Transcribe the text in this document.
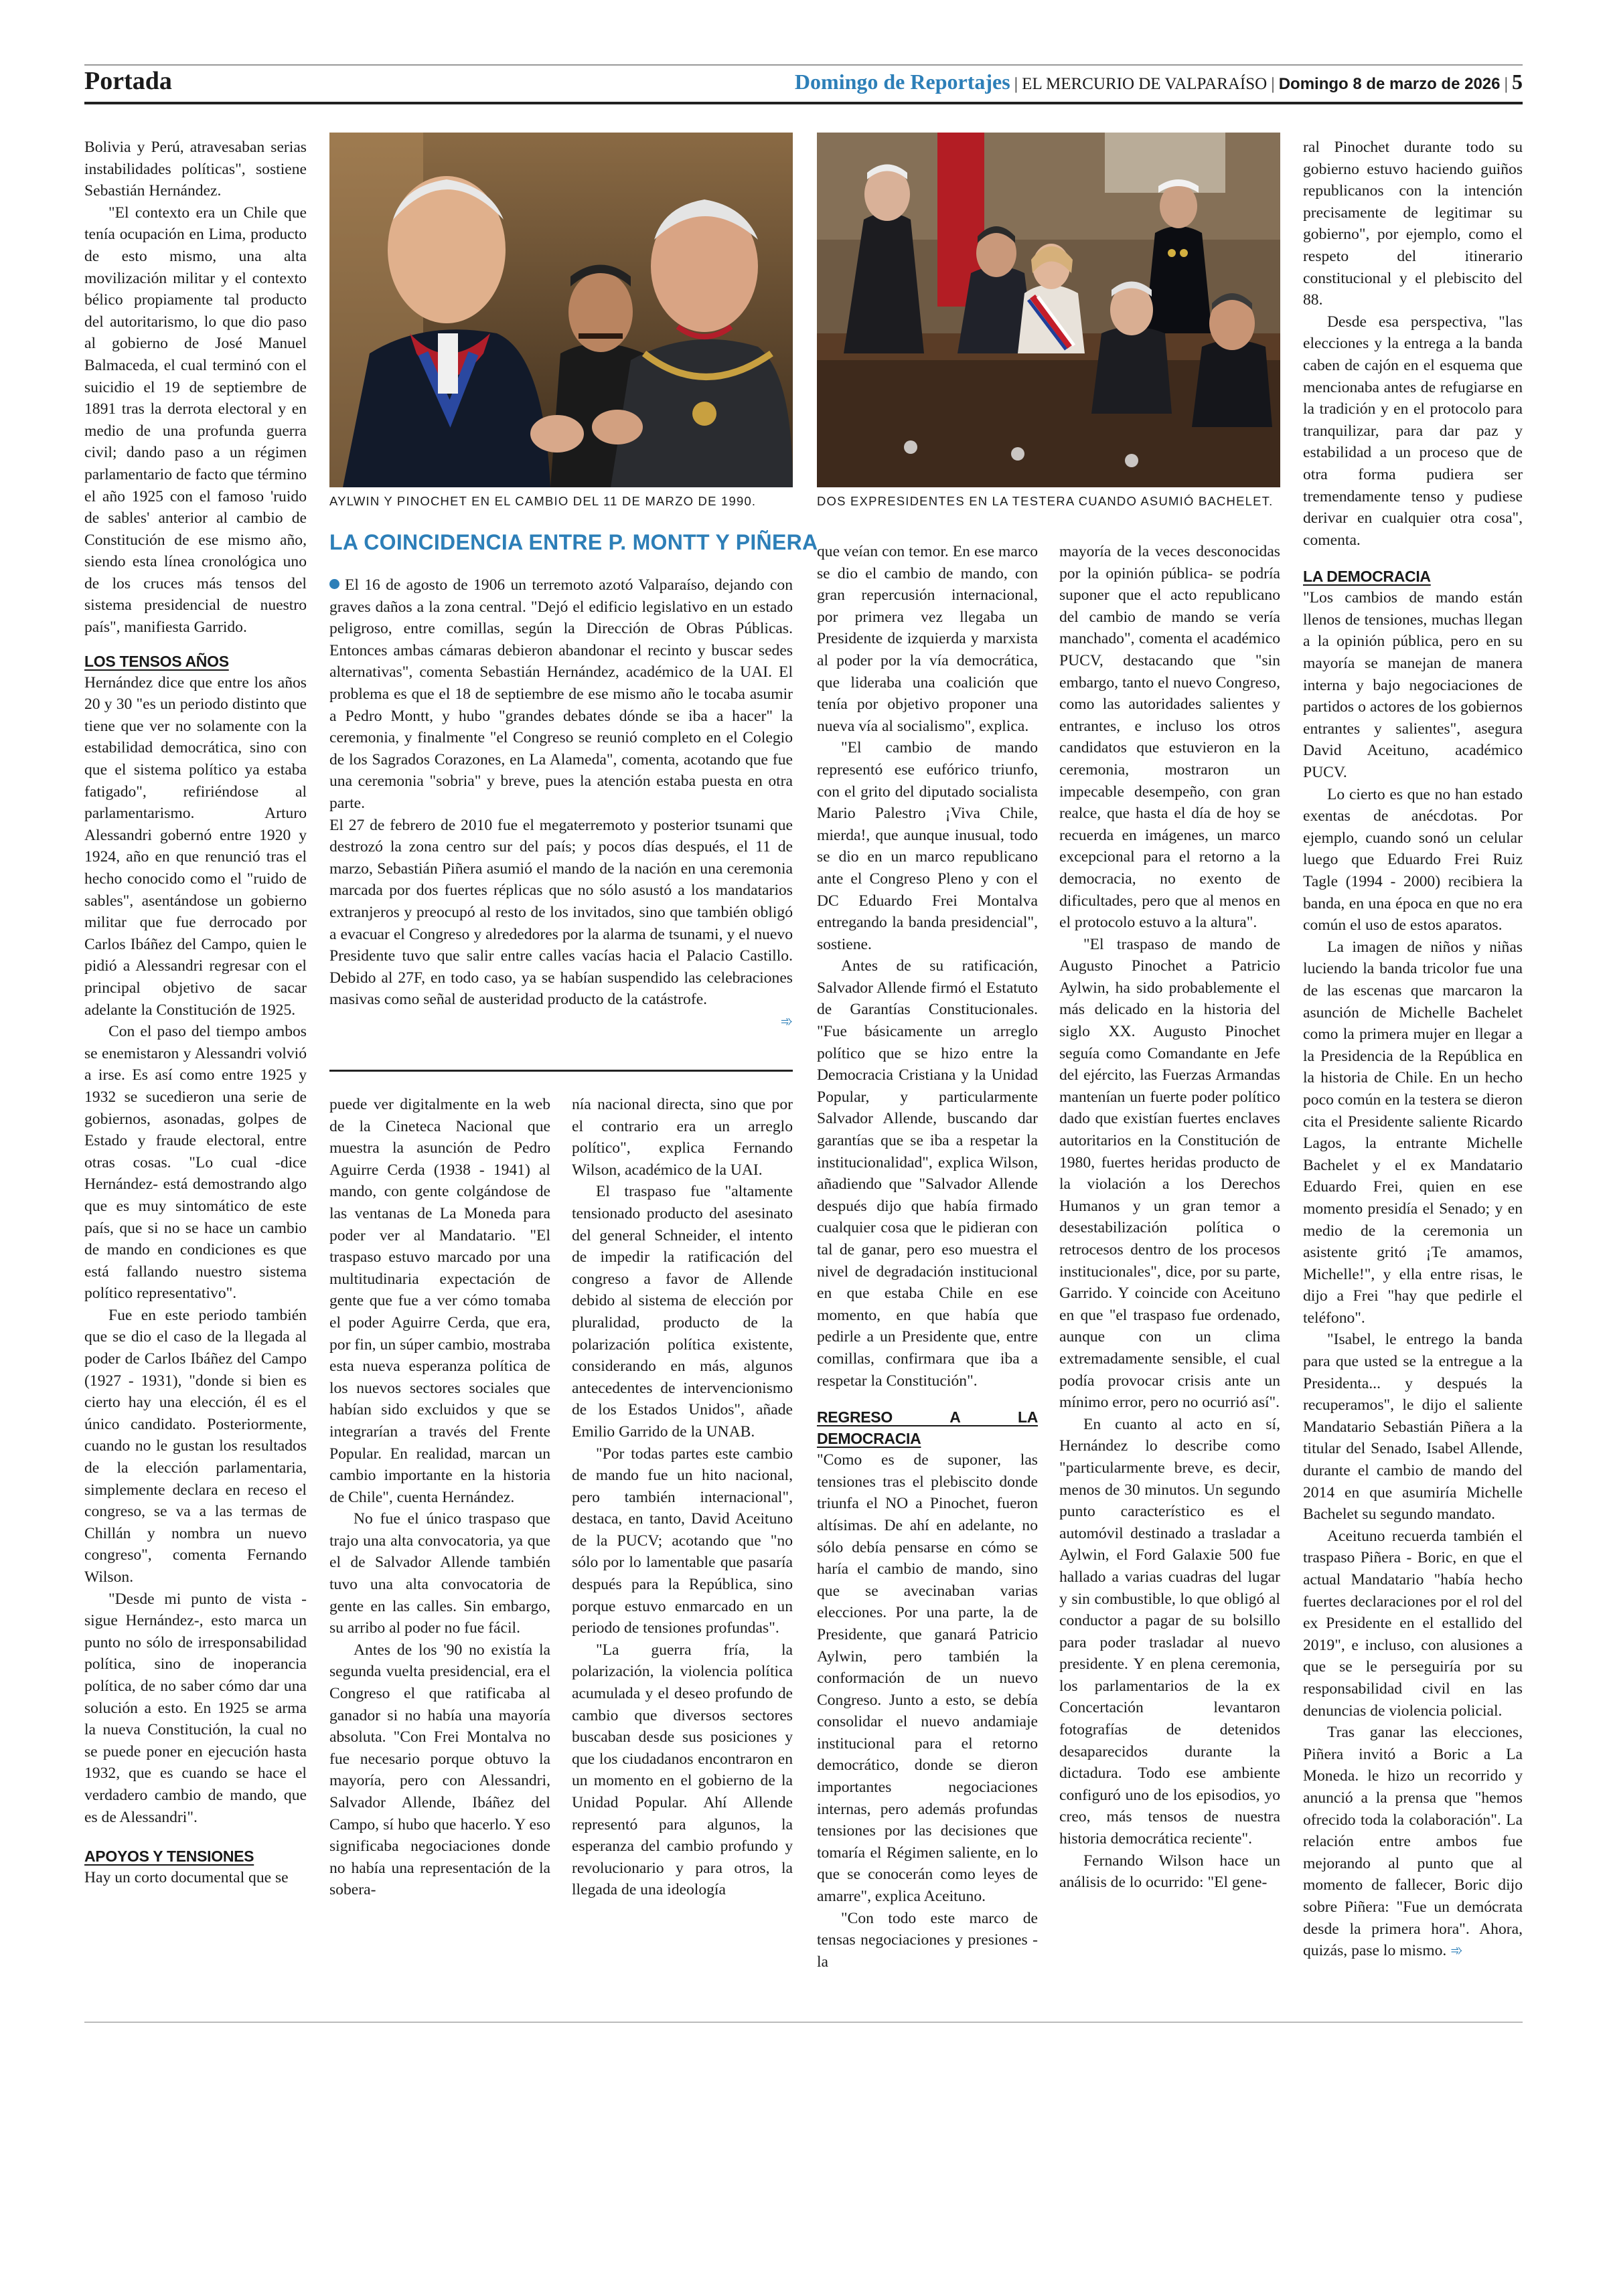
Portada	Domingo de Reportajes | EL MERCURIO DE VALPARAÍSO | Domingo 8 de marzo de 2026 | 5
AYLWIN Y PINOCHET EN EL CAMBIO DEL 11 DE MARZO DE 1990.	DOS EXPRESIDENTES EN LA TESTERA CUANDO ASUMIÓ BACHELET.

Bolivia y Perú, atravesaban serias instabilidades políticas", sostiene Sebastián Hernández.

"El contexto era un Chile que tenía ocupación en Lima, producto de esto mismo, una alta movilización militar y el contexto bélico propiamente tal producto del autoritarismo, lo que dio paso al gobierno de José Manuel Balmaceda, el cual terminó con el suicidio el 19 de septiembre de 1891 tras la derrota electoral y en medio de una profunda guerra civil; dando paso a un régimen parlamentario de facto que término el año 1925 con el famoso 'ruido de sables' anterior al cambio de Constitución de ese mismo año, siendo esta línea cronológica uno de los cruces más tensos del sistema presidencial de nuestro país", manifiesta Garrido.

LOS TENSOS AÑOS

Hernández dice que entre los años 20 y 30 "es un periodo distinto que tiene que ver no solamente con la estabilidad democrática, sino con que el sistema político ya estaba fatigado", refiriéndose al parlamentarismo. Arturo Alessandri gobernó entre 1920 y 1924, año en que renunció tras el hecho conocido como el "ruido de sables", asentándose un gobierno militar que fue derrocado por Carlos Ibáñez del Campo, quien le pidió a Alessandri regresar con el principal objetivo de sacar adelante la Constitución de 1925.

Con el paso del tiempo ambos se enemistaron y Alessandri volvió a irse. Es así como entre 1925 y 1932 se sucedieron una serie de gobiernos, asonadas, golpes de Estado y fraude electoral, entre otras cosas. "Lo cual -dice Hernández- está demostrando algo que es muy sintomático de este país, que si no se hace un cambio de mando en condiciones es que está fallando nuestro sistema político representativo".

Fue en este periodo también que se dio el caso de la llegada al poder de Carlos Ibáñez del Campo (1927 - 1931), "donde si bien es cierto hay una elección, él es el único candidato. Posteriormente, cuando no le gustan los resultados de la elección parlamentaria, simplemente declara en receso el congreso, se va a las termas de Chillán y nombra un nuevo congreso", comenta Fernando Wilson.

"Desde mi punto de vista -sigue Hernández-, esto marca un punto no sólo de irresponsabilidad política, sino de inoperancia política, de no saber cómo dar una solución a esto. En 1925 se arma la nueva Constitución, la cual no se puede poner en ejecución hasta 1932, que es cuando se hace el verdadero cambio de mando, que es de Alessandri".

APOYOS Y TENSIONES

Hay un corto documental que se

LA COINCIDENCIA ENTRE P. MONTT Y PIÑERA

El 16 de agosto de 1906 un terremoto azotó Valparaíso, dejando con graves daños a la zona central. "Dejó el edificio legislativo en un estado peligroso, entre comillas, según la Dirección de Obras Públicas. Entonces ambas cámaras debieron abandonar el recinto y buscar sedes alternativas", comenta Sebastián Hernández, académico de la UAI. El problema es que el 18 de septiembre de ese mismo año le tocaba asumir a Pedro Montt, y hubo "grandes debates dónde se iba a hacer" la ceremonia, y finalmente "el Congreso se reunió completo en el Colegio de los Sagrados Corazones, en La Alameda", comenta, acotando que fue una ceremonia "sobria" y breve, pues la atención estaba puesta en otra parte.

El 27 de febrero de 2010 fue el megaterremoto y posterior tsunami que destrozó la zona centro sur del país; y pocos días después, el 11 de marzo, Sebastián Piñera asumió el mando de la nación en una ceremonia marcada por dos fuertes réplicas que no sólo asustó a los mandatarios extranjeros y preocupó al resto de los invitados, sino que también obligó a evacuar el Congreso y alrededores por la alarma de tsunami, y el nuevo Presidente tuvo que salir entre calles vacías hacia el Palacio Castillo. Debido al 27F, en todo caso, ya se habían suspendido las celebraciones masivas como señal de austeridad producto de la catástrofe.

➾

puede ver digitalmente en la web de la Cineteca Nacional que muestra la asunción de Pedro Aguirre Cerda (1938 - 1941) al mando, con gente colgándose de las ventanas de La Moneda para poder ver al Mandatario. "El traspaso estuvo marcado por una multitudinaria expectación de gente que fue a ver cómo tomaba el poder Aguirre Cerda, que era, por fin, un súper cambio, mostraba esta nueva esperanza política de los nuevos sectores sociales que habían sido excluidos y que se integrarían a través del Frente Popular. En realidad, marcan un cambio importante en la historia de Chile", cuenta Hernández.

No fue el único traspaso que trajo una alta convocatoria, ya que el de Salvador Allende también tuvo una alta convocatoria de gente en las calles. Sin embargo, su arribo al poder no fue fácil.

Antes de los '90 no existía la segunda vuelta presidencial, era el Congreso el que ratificaba al ganador si no había una mayoría absoluta. "Con Frei Montalva no fue necesario porque obtuvo la mayoría, pero con Alessandri, Salvador Allende, Ibáñez del Campo, sí hubo que hacerlo. Y eso significaba negociaciones donde no había una representación de la sobera-

nía nacional directa, sino que por el contrario era un arreglo político", explica Fernando Wilson, académico de la UAI.

El traspaso fue "altamente tensionado producto del asesinato del general Schneider, el intento de impedir la ratificación del congreso a favor de Allende debido al sistema de elección por pluralidad, producto de la polarización política existente, considerando en más, algunos antecedentes de intervencionismo de los Estados Unidos", añade Emilio Garrido de la UNAB.

"Por todas partes este cambio de mando fue un hito nacional, pero también internacional", destaca, en tanto, David Aceituno de la PUCV; acotando que "no sólo por lo lamentable que pasaría después para la República, sino porque estuvo enmarcado en un periodo de tensiones profundas".

"La guerra fría, la polarización, la violencia política acumulada y el deseo profundo de cambio que diversos sectores buscaban desde sus posiciones y que los ciudadanos encontraron en un momento en el gobierno de la Unidad Popular. Ahí Allende representó para algunos, la esperanza del cambio profundo y revolucionario y para otros, la llegada de una ideología

que veían con temor. En ese marco se dio el cambio de mando, con gran repercusión internacional, por primera vez llegaba un Presidente de izquierda y marxista al poder por la vía democrática, que lideraba una coalición que tenía por objetivo proponer una nueva vía al socialismo", explica.

"El cambio de mando representó ese eufórico triunfo, con el grito del diputado socialista Mario Palestro ¡Viva Chile, mierda!, que aunque inusual, todo se dio en un marco republicano ante el Congreso Pleno y con el DC Eduardo Frei Montalva entregando la banda presidencial", sostiene.

Antes de su ratificación, Salvador Allende firmó el Estatuto de Garantías Constitucionales. "Fue básicamente un arreglo político que se hizo entre la Democracia Cristiana y la Unidad Popular, y particularmente Salvador Allende, buscando dar garantías que se iba a respetar la institucionalidad", explica Wilson, añadiendo que "Salvador Allende después dijo que había firmado cualquier cosa que le pidieran con tal de ganar, pero eso muestra el nivel de degradación institucional en que estaba Chile en ese momento, en que había que pedirle a un Presidente que, entre comillas, confirmara que iba a respetar la Constitución".

REGRESO A LA DEMOCRACIA

"Como es de suponer, las tensiones tras el plebiscito donde triunfa el NO a Pinochet, fueron altísimas. De ahí en adelante, no sólo debía pensarse en cómo se haría el cambio de mando, sino que se avecinaban varias elecciones. Por una parte, la de Presidente, que ganará Patricio Aylwin, pero también la conformación de un nuevo Congreso. Junto a esto, se debía consolidar el nuevo andamiaje institucional para el retorno democrático, donde se dieron importantes negociaciones internas, pero además profundas tensiones por las decisiones que tomaría el Régimen saliente, en lo que se conocerán como leyes de amarre", explica Aceituno.

"Con todo este marco de tensas negociaciones y presiones -la

mayoría de la veces desconocidas por la opinión pública- se podría suponer que el acto republicano del cambio de mando se vería manchado", comenta el académico PUCV, destacando que "sin embargo, tanto el nuevo Congreso, como las autoridades salientes y entrantes, e incluso los otros candidatos que estuvieron en la ceremonia, mostraron un impecable desempeño, con gran realce, que hasta el día de hoy se recuerda en imágenes, un marco excepcional para el retorno a la democracia, no exento de dificultades, pero que al menos en el protocolo estuvo a la altura".

"El traspaso de mando de Augusto Pinochet a Patricio Aylwin, ha sido probablemente el más delicado en la historia del siglo XX. Augusto Pinochet seguía como Comandante en Jefe del ejército, las Fuerzas Armandas mantenían un fuerte poder político dado que existían fuertes enclaves autoritarios en la Constitución de 1980, fuertes heridas producto de la violación a los Derechos Humanos y un gran temor a desestabilización política o retrocesos dentro de los procesos institucionales", dice, por su parte, Garrido. Y coincide con Aceituno en que "el traspaso fue ordenado, aunque con un clima extremadamente sensible, el cual podía provocar crisis ante un mínimo error, pero no ocurrió así".

En cuanto al acto en sí, Hernández lo describe como "particularmente breve, es decir, menos de 30 minutos. Un segundo punto característico es el automóvil destinado a trasladar a Aylwin, el Ford Galaxie 500 fue hallado a varias cuadras del lugar y sin combustible, lo que obligó al conductor a pagar de su bolsillo para poder trasladar al nuevo presidente. Y en plena ceremonia, los parlamentarios de la ex Concertación levantaron fotografías de detenidos desaparecidos durante la dictadura. Todo ese ambiente configuró uno de los episodios, yo creo, más tensos de nuestra historia democrática reciente".

Fernando Wilson hace un análisis de lo ocurrido: "El gene-

ral Pinochet durante todo su gobierno estuvo haciendo guiños republicanos con la intención precisamente de legitimar su gobierno", por ejemplo, como el respeto del itinerario constitucional y el plebiscito del 88.

Desde esa perspectiva, "las elecciones y la entrega a la banda caben de cajón en el esquema que mencionaba antes de refugiarse en la tradición y en el protocolo para tranquilizar, para dar paz y estabilidad a un proceso que de otra forma pudiera ser tremendamente tenso y pudiese derivar en cualquier otra cosa", comenta.

LA DEMOCRACIA

"Los cambios de mando están llenos de tensiones, muchas llegan a la opinión pública, pero en su mayoría se manejan de manera interna y bajo negociaciones de partidos o actores de los gobiernos entrantes y salientes", asegura David Aceituno, académico PUCV.

Lo cierto es que no han estado exentas de anécdotas. Por ejemplo, cuando sonó un celular luego que Eduardo Frei Ruiz Tagle (1994 - 2000) recibiera la banda, en una época en que no era común el uso de estos aparatos.

La imagen de niños y niñas luciendo la banda tricolor fue una de las escenas que marcaron la asunción de Michelle Bachelet como la primera mujer en llegar a la Presidencia de la República en la historia de Chile. En un hecho poco común en la testera se dieron cita el Presidente saliente Ricardo Lagos, la entrante Michelle Bachelet y el ex Mandatario Eduardo Frei, quien en ese momento presidía el Senado; y en medio de la ceremonia un asistente gritó ¡Te amamos, Michelle!", y ella entre risas, le dijo a Frei "hay que pedirle el teléfono".

"Isabel, le entrego la banda para que usted se la entregue a la Presidenta... y después la recuperamos", le dijo el saliente Mandatario Sebastián Piñera a la titular del Senado, Isabel Allende, durante el cambio de mando del 2014 en que asumiría Michelle Bachelet su segundo mandato.

Aceituno recuerda también el traspaso Piñera - Boric, en que el actual Mandatario "había hecho fuertes declaraciones por el rol del ex Presidente en el estallido del 2019", e incluso, con alusiones a que se le perseguiría por su responsabilidad civil en las denuncias de violencia policial.

Tras ganar las elecciones, Piñera invitó a Boric a La Moneda. le hizo un recorrido y anunció a la prensa que "hemos ofrecido toda la colaboración". La relación entre ambos fue mejorando al punto que al momento de fallecer, Boric dijo sobre Piñera: "Fue un demócrata desde la primera hora". Ahora, quizás, pase lo mismo. ➾
